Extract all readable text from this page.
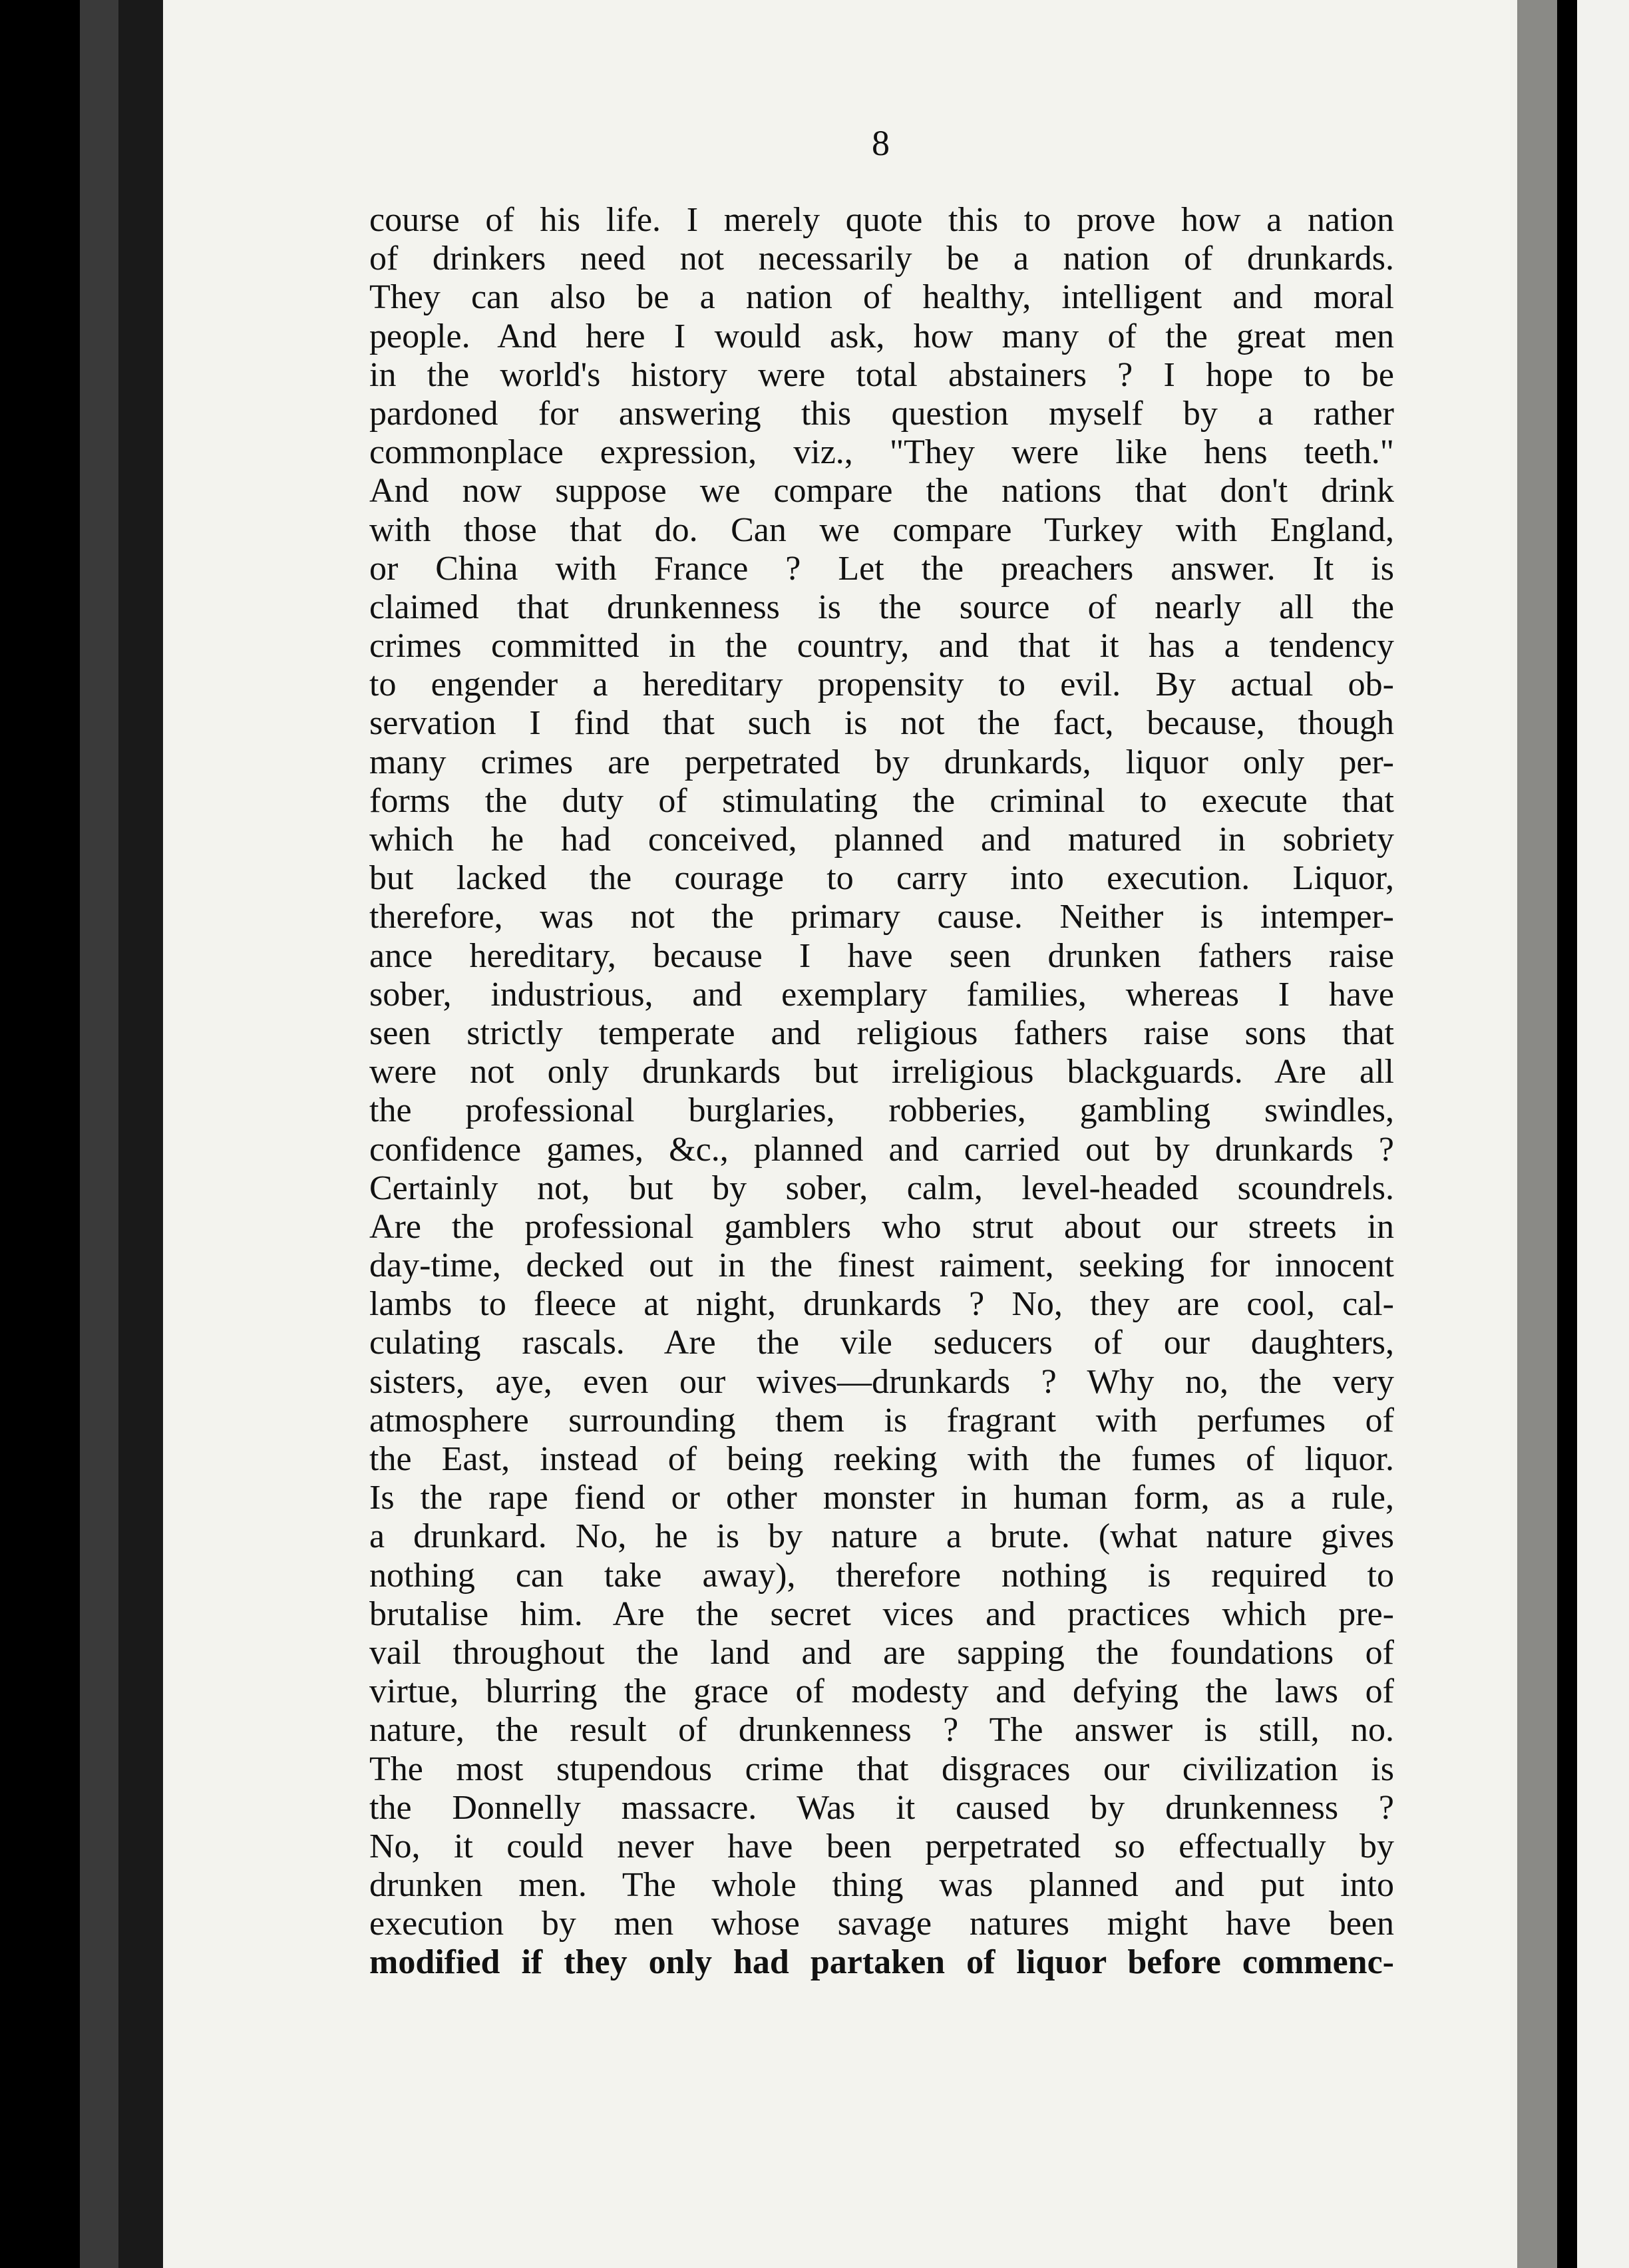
8
course of his life. I merely quote this to prove how a nation
of drinkers need not necessarily be a nation of drunkards.
They can also be a nation of healthy, intelligent and moral
people. And here I would ask, how many of the great men
in the world's history were total abstainers ? I hope to be
pardoned for answering this question myself by a rather
commonplace expression, viz., "They were like hens teeth."
And now suppose we compare the nations that don't drink
with those that do. Can we compare Turkey with England,
or China with France ? Let the preachers answer. It is
claimed that drunkenness is the source of nearly all the
crimes committed in the country, and that it has a tendency
to engender a hereditary propensity to evil. By actual ob-
servation I find that such is not the fact, because, though
many crimes are perpetrated by drunkards, liquor only per-
forms the duty of stimulating the criminal to execute that
which he had conceived, planned and matured in sobriety
but lacked the courage to carry into execution. Liquor,
therefore, was not the primary cause. Neither is intemper-
ance hereditary, because I have seen drunken fathers raise
sober, industrious, and exemplary families, whereas I have
seen strictly temperate and religious fathers raise sons that
were not only drunkards but irreligious blackguards. Are all
the professional burglaries, robberies, gambling swindles,
confidence games, &c., planned and carried out by drunkards ?
Certainly not, but by sober, calm, level-headed scoundrels.
Are the professional gamblers who strut about our streets in
day-time, decked out in the finest raiment, seeking for innocent
lambs to fleece at night, drunkards ? No, they are cool, cal-
culating rascals. Are the vile seducers of our daughters,
sisters, aye, even our wives—drunkards ? Why no, the very
atmosphere surrounding them is fragrant with perfumes of
the East, instead of being reeking with the fumes of liquor.
Is the rape fiend or other monster in human form, as a rule,
a drunkard. No, he is by nature a brute. (what nature gives
nothing can take away), therefore nothing is required to
brutalise him. Are the secret vices and practices which pre-
vail throughout the land and are sapping the foundations of
virtue, blurring the grace of modesty and defying the laws of
nature, the result of drunkenness ? The answer is still, no.
The most stupendous crime that disgraces our civilization is
the Donnelly massacre. Was it caused by drunkenness ?
No, it could never have been perpetrated so effectually by
drunken men. The whole thing was planned and put into
execution by men whose savage natures might have been
modified if they only had partaken of liquor before commenc-
